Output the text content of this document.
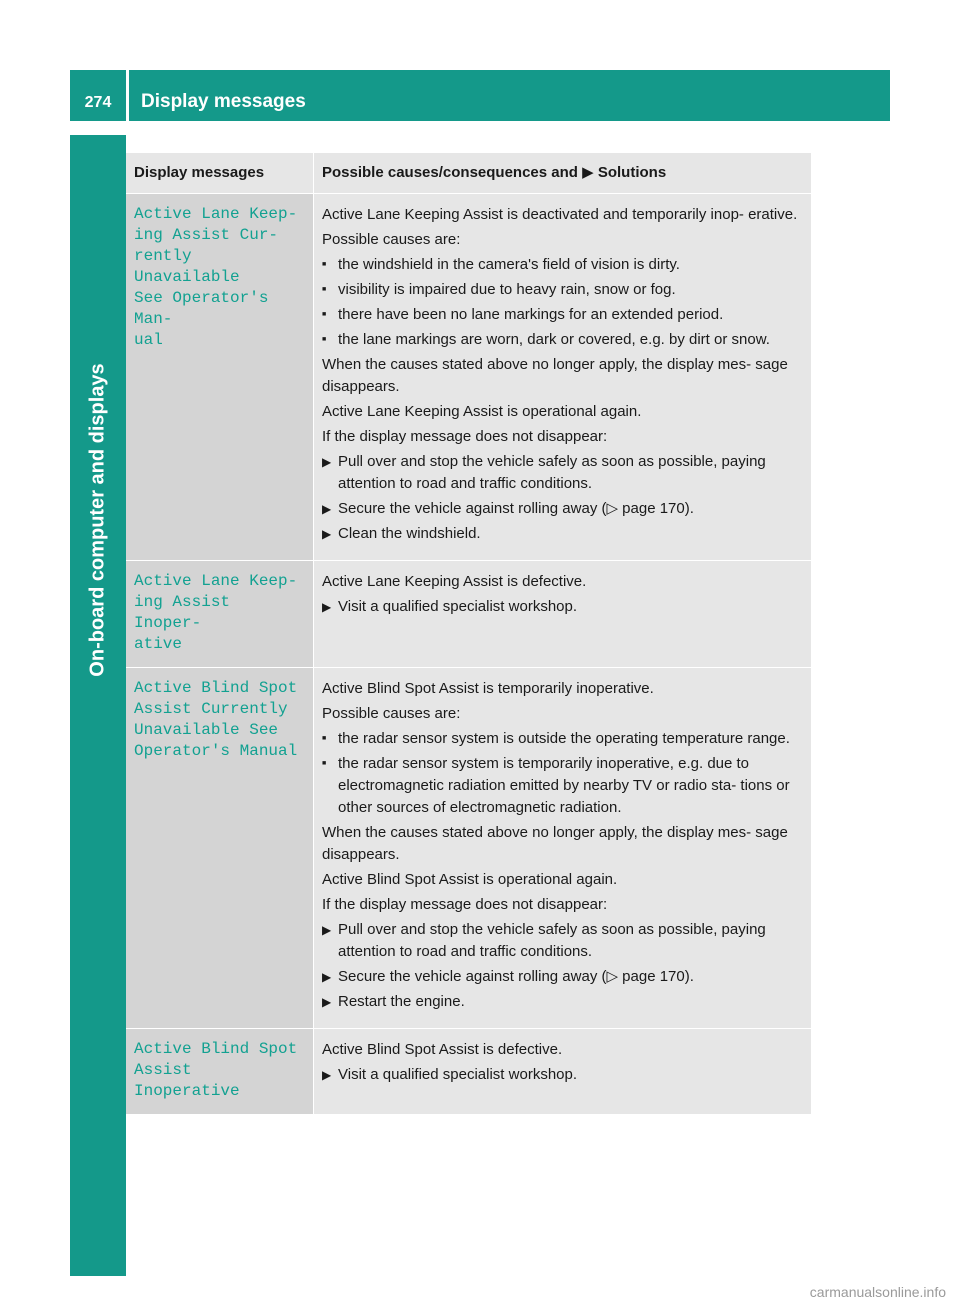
274	Display messages
On-board computer and displays
Display messages	Possible causes/consequences and ▶ Solutions
Active Lane Keep‐
ing Assist Cur‐
rently Unavailable
See Operator's Man‐
ual

Active Lane Keeping Assist is deactivated and temporarily inop‐ erative.

Possible causes are:

■ the windshield in the camera's field of vision is dirty.
■ visibility is impaired due to heavy rain, snow or fog.
■ there have been no lane markings for an extended period.
■ the lane markings are worn, dark or covered, e.g. by dirt or snow.

When the causes stated above no longer apply, the display mes‐ sage disappears.

Active Lane Keeping Assist is operational again.

If the display message does not disappear:

▶ Pull over and stop the vehicle safely as soon as possible, paying attention to road and traffic conditions.
▶ Secure the vehicle against rolling away (▷ page 170).
▶ Clean the windshield.
Active Lane Keep‐
ing Assist Inoper‐
ative

Active Lane Keeping Assist is defective.

▶ Visit a qualified specialist workshop.
Active Blind Spot
Assist Currently
Unavailable See
Operator's Manual

Active Blind Spot Assist is temporarily inoperative.

Possible causes are:

■ the radar sensor system is outside the operating temperature range.
■ the radar sensor system is temporarily inoperative, e.g. due to electromagnetic radiation emitted by nearby TV or radio sta‐ tions or other sources of electromagnetic radiation.

When the causes stated above no longer apply, the display mes‐ sage disappears.

Active Blind Spot Assist is operational again.

If the display message does not disappear:

▶ Pull over and stop the vehicle safely as soon as possible, paying attention to road and traffic conditions.
▶ Secure the vehicle against rolling away (▷ page 170).
▶ Restart the engine.
Active Blind Spot
Assist Inoperative

Active Blind Spot Assist is defective.

▶ Visit a qualified specialist workshop.
carmanualsonline.info
